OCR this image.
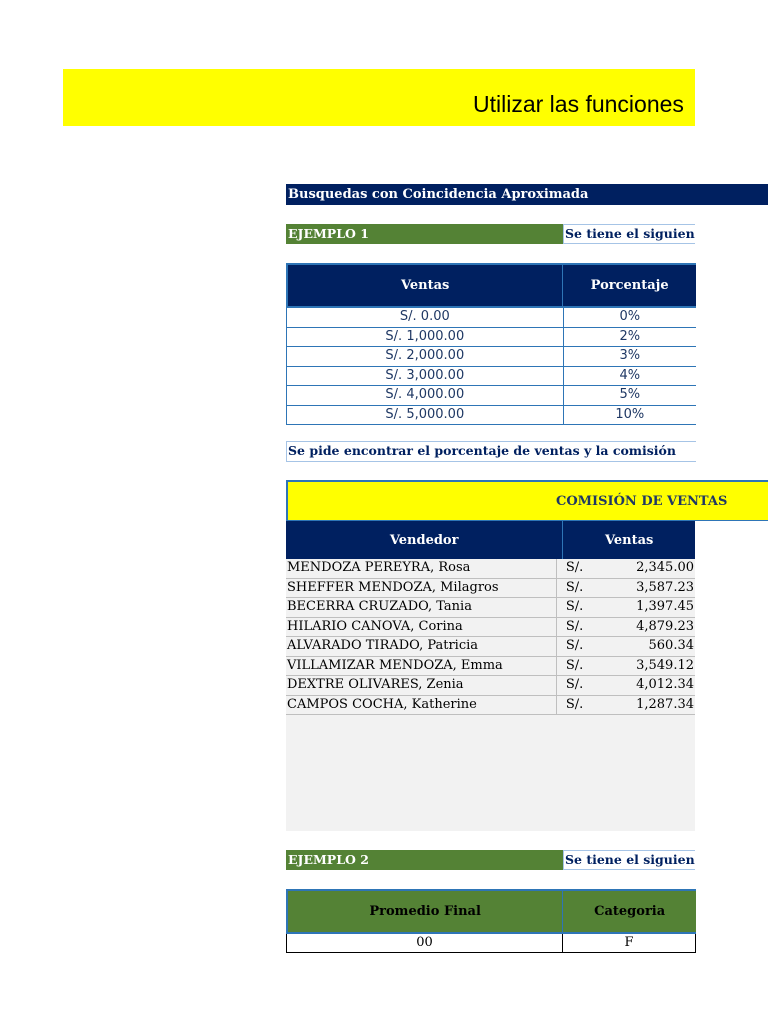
Utilizar las funciones
Busquedas con Coincidencia Aproximada
EJEMPLO 1	Se tiene el siguien
Ventas	Porcentaje
S/. 0.00	0%
S/. 1,000.00	2%
S/. 2,000.00	3%
S/. 3,000.00	4%
S/. 4,000.00	5%
S/. 5,000.00	10%
Se pide encontrar el porcentaje de ventas y la comisión
COMISIÓN DE VENTAS
Vendedor	Ventas
MENDOZA PEREYRA, Rosa	S/.	2,345.00
SHEFFER MENDOZA, Milagros	S/.	3,587.23
BECERRA CRUZADO, Tania	S/.	1,397.45
HILARIO CANOVA, Corina	S/.	4,879.23
ALVARADO TIRADO, Patricia	S/.	560.34
VILLAMIZAR MENDOZA, Emma	S/.	3,549.12
DEXTRE OLIVARES, Zenia	S/.	4,012.34
CAMPOS COCHA, Katherine	S/.	1,287.34
EJEMPLO 2	Se tiene el siguien
Promedio Final	Categoria
00	F
